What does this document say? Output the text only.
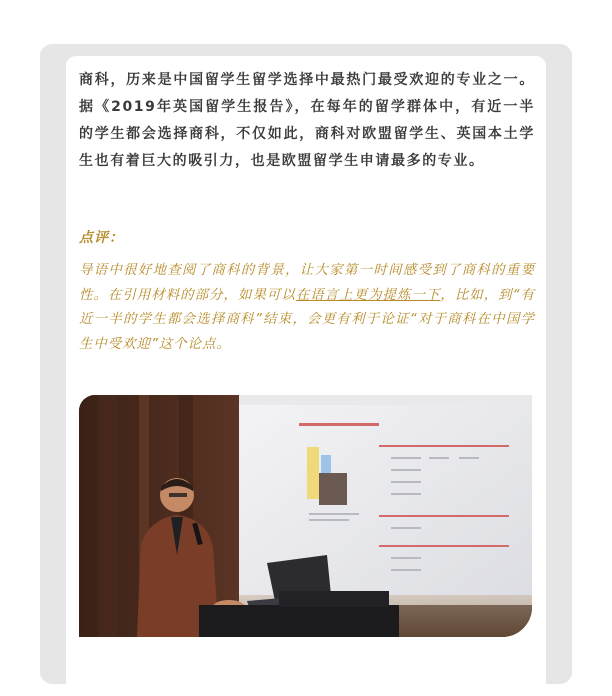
商科，历来是中国留学生留学选择中最热门最受欢迎的专业之一。据《2019年英国留学生报告》，在每年的留学群体中，有近一半的学生都会选择商科，不仅如此，商科对欧盟留学生、英国本土学生也有着巨大的吸引力，也是欧盟留学生申请最多的专业。

点评：

导语中很好地查阅了商科的背景，让大家第一时间感受到了商科的重要性。在引用材料的部分，如果可以在语言上更为提炼一下，比如，到“有近一半的学生都会选择商科”结束，会更有利于论证“对于商科在中国学生中受欢迎”这个论点。
